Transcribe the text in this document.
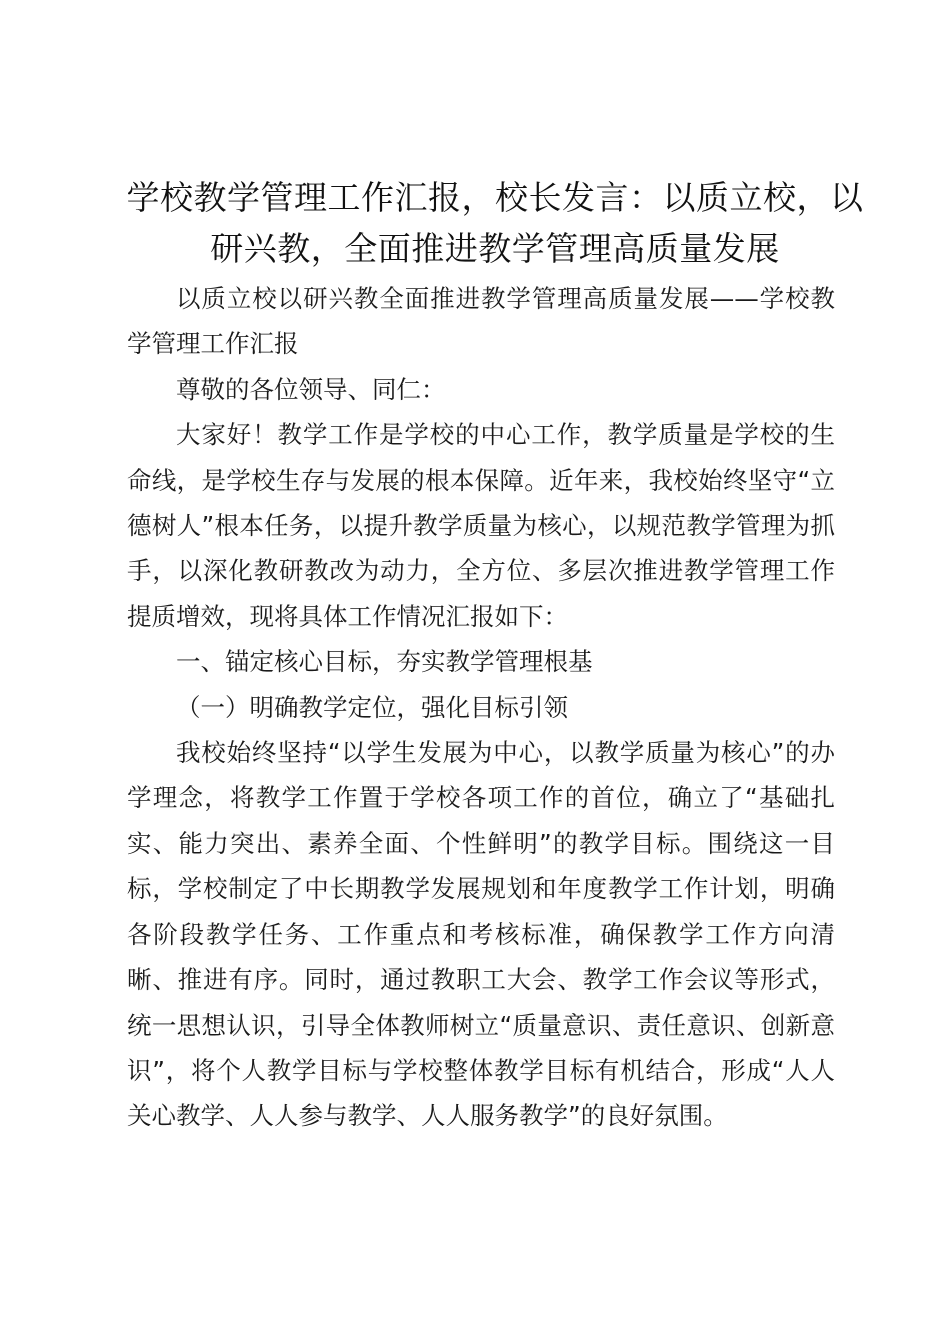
学校教学管理工作汇报，校长发言：以质立校，以研兴教，全面推进教学管理高质量发展

以质立校以研兴教全面推进教学管理高质量发展——学校教学管理工作汇报

尊敬的各位领导、同仁：

大家好！教学工作是学校的中心工作，教学质量是学校的生命线，是学校生存与发展的根本保障。近年来，我校始终坚守“立德树人”根本任务，以提升教学质量为核心，以规范教学管理为抓手，以深化教研教改为动力，全方位、多层次推进教学管理工作提质增效，现将具体工作情况汇报如下：

一、锚定核心目标，夯实教学管理根基

（一）明确教学定位，强化目标引领

我校始终坚持“以学生发展为中心，以教学质量为核心”的办学理念，将教学工作置于学校各项工作的首位，确立了“基础扎实、能力突出、素养全面、个性鲜明”的教学目标。围绕这一目标，学校制定了中长期教学发展规划和年度教学工作计划，明确各阶段教学任务、工作重点和考核标准，确保教学工作方向清晰、推进有序。同时，通过教职工大会、教学工作会议等形式，统一思想认识，引导全体教师树立“质量意识、责任意识、创新意识”，将个人教学目标与学校整体教学目标有机结合，形成“人人关心教学、人人参与教学、人人服务教学”的良好氛围。
